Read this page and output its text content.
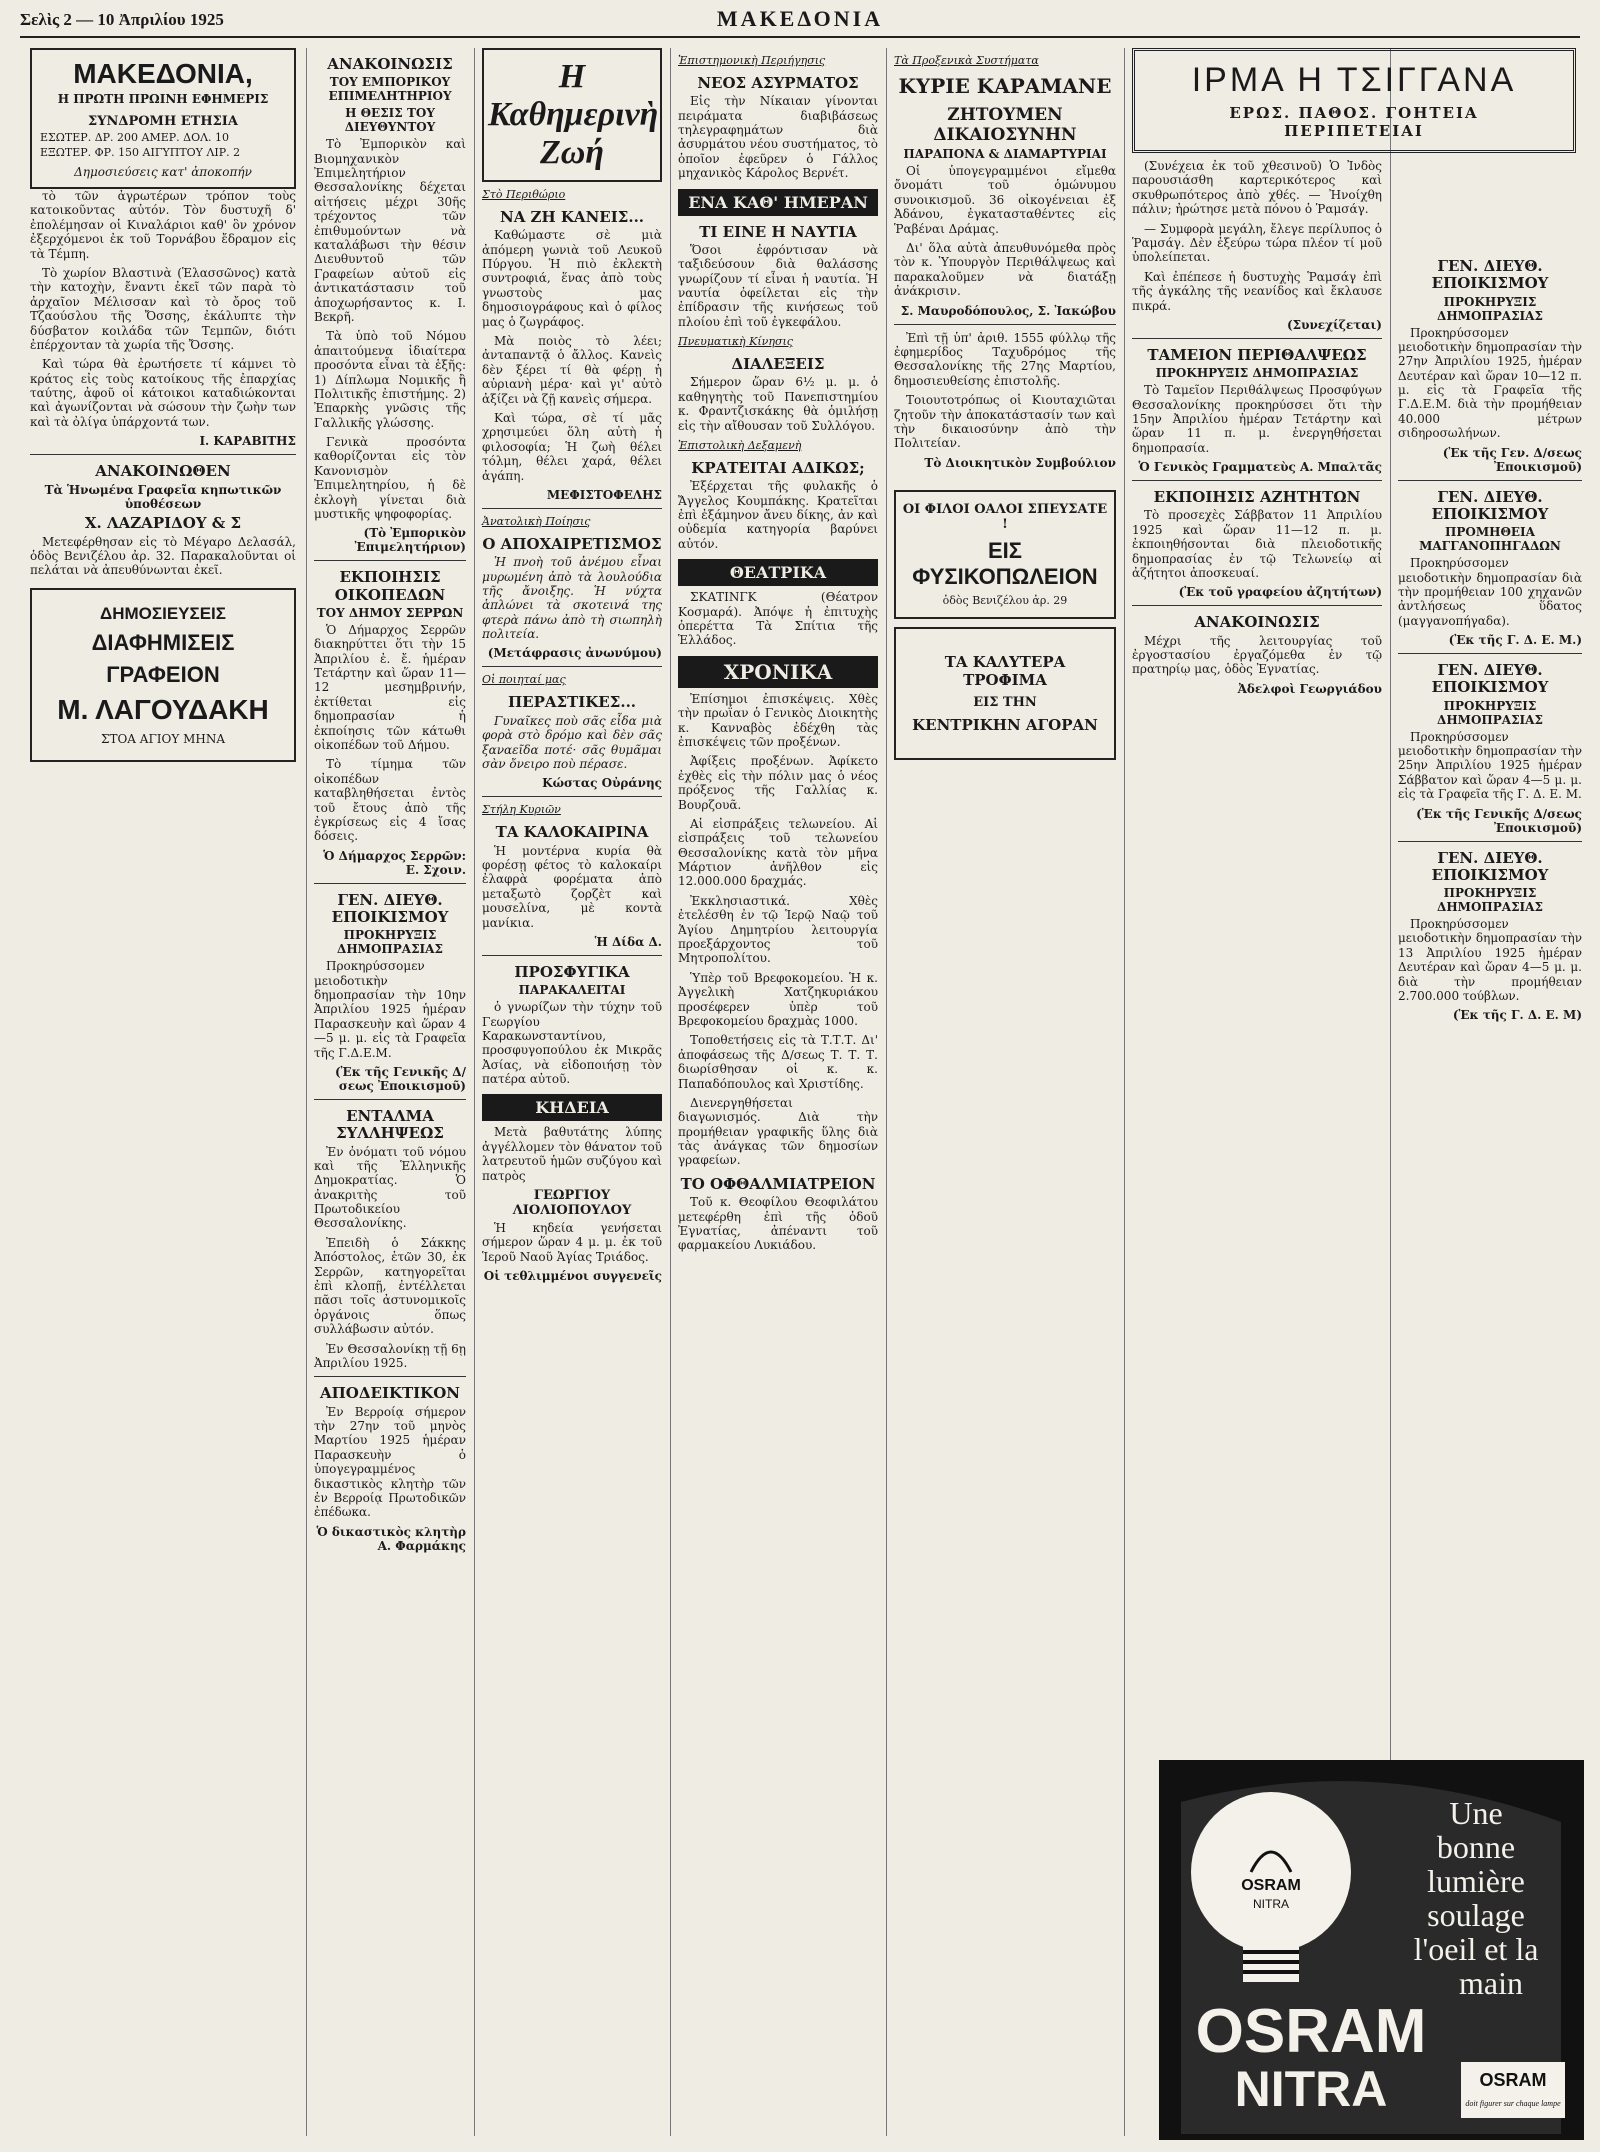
Σελὶς 2 — 10 Ἀπριλίου 1925	ΜΑΚΕΔΟΝΙΑ
ΜΑΚΕΔΟΝΙΑ,
Η ΠΡΩΤΗ ΠΡΩΙΝΗ ΕΦΗΜΕΡΙΣ
ΣΥΝΔΡΟΜΗ ΕΤΗΣΙΑ
ΕΣΩΤΕΡ. ΔΡ. 200 ΑΜΕΡ. ΔΟΛ. 10
ΕΞΩΤΕΡ. ΦΡ. 150 ΑΙΓΥΠΤΟΥ ΛΙΡ. 2
Δημοσιεύσεις κατ' ἀποκοπήν

τὸ τῶν ἀγρωτέρων τρόπον τοὺς κατοικοῦντας αὐτόν. Τὸν δυστυχῆ δ' ἐπολέμησαν οἱ Κιναλάριοι καθ' ὃν χρόνον ἐξερχόμενοι ἐκ τοῦ Τορνάβου ἔδραμον εἰς τὰ Τέμπη.

Τὸ χωρίον Βλαστινὰ (Ἑλασσῶνος) κατὰ τὴν κατοχὴν, ἔναντι ἐκεῖ τῶν παρὰ τὸ ἀρχαῖον Μέλισσαν καὶ τὸ ὄρος τοῦ Τζαούσλου τῆς Ὄσσης, ἐκάλυπτε τὴν δύσβατον κοιλάδα τῶν Τεμπῶν, διότι ἐπέρχονταν τὰ χωρία τῆς Ὄσσης.

Καὶ τώρα θὰ ἐρωτήσετε τί κάμνει τὸ κράτος εἰς τοὺς κατοίκους τῆς ἐπαρχίας ταύτης, ἀφοῦ οἱ κάτοικοι καταδιώκονται καὶ ἀγωνίζονται νὰ σώσουν τὴν ζωὴν των καὶ τὰ ὀλίγα ὑπάρχοντά των.

Ι. ΚΑΡΑΒΙΤΗΣ
ΑΝΑΚΟΙΝΩΘΕΝ
Τὰ Ἡνωμένα Γραφεῖα κηπωτικῶν ὑποθέσεων
Χ. ΛΑΖΑΡΙΔΟΥ & Σ

Μετεφέρθησαν εἰς τὸ Μέγαρο Δελασάλ, ὁδὸς Βενιζέλου ἀρ. 32. Παρακαλοῦνται οἱ πελάται νὰ ἀπευθύνωνται ἐκεῖ.

ΔΗΜΟΣΙΕΥΣΕΙΣ
ΔΙΑΦΗΜΙΣΕΙΣ
ΓΡΑΦΕΙΟΝ
Μ. ΛΑΓΟΥΔΑΚΗ
ΣΤΟΑ ΑΓΙΟΥ ΜΗΝΑ
ΑΝΑΚΟΙΝΩΣΙΣ
ΤΟΥ ΕΜΠΟΡΙΚΟΥ ΕΠΙΜΕΛΗΤΗΡΙΟΥ
Η ΘΕΣΙΣ ΤΟΥ ΔΙΕΥΘΥΝΤΟΥ

Τὸ Ἐμπορικὸν καὶ Βιομηχανικὸν Ἐπιμελητήριον Θεσσαλονίκης δέχεται αἰτήσεις μέχρι 30ῆς τρέχοντος τῶν ἐπιθυμούντων νὰ καταλάβωσι τὴν θέσιν Διευθυντοῦ τῶν Γραφείων αὐτοῦ εἰς ἀντικατάστασιν τοῦ ἀποχωρήσαντος κ. Ι. Βεκρῆ.

Τὰ ὑπὸ τοῦ Νόμου ἀπαιτούμενα ἰδιαίτερα προσόντα εἶναι τὰ ἑξῆς: 1) Δίπλωμα Νομικῆς ἢ Πολιτικῆς ἐπιστήμης. 2) Ἐπαρκὴς γνῶσις τῆς Γαλλικῆς γλώσσης.

Γενικὰ προσόντα καθορίζονται εἰς τὸν Κανονισμὸν Ἐπιμελητηρίου, ἡ δὲ ἐκλογὴ γίνεται διὰ μυστικῆς ψηφοφορίας.

(Τὸ Ἐμπορικὸν Ἐπιμελητήριον)
ΕΚΠΟΙΗΣΙΣ ΟΙΚΟΠΕΔΩΝ
ΤΟΥ ΔΗΜΟΥ ΣΕΡΡΩΝ

Ὁ Δήμαρχος Σερρῶν διακηρύττει ὅτι τὴν 15 Ἀπριλίου ἐ. ἔ. ἡμέραν Τετάρτην καὶ ὥραν 11—12 μεσημβρινήν, ἐκτίθεται εἰς δημοπρασίαν ἡ ἐκποίησις τῶν κάτωθι οἰκοπέδων τοῦ Δήμου.

Τὸ τίμημα τῶν οἰκοπέδων καταβληθήσεται ἐντὸς τοῦ ἔτους ἀπὸ τῆς ἐγκρίσεως εἰς 4 ἴσας δόσεις.

Ὁ Δήμαρχος Σερρῶν: Ε. Σχοιν.
ΓΕΝ. ΔΙΕΥΘ. ΕΠΟΙΚΙΣΜΟΥ
ΠΡΟΚΗΡΥΞΙΣ ΔΗΜΟΠΡΑΣΙΑΣ

Προκηρύσσομεν μειοδοτικὴν δημοπρασίαν τὴν 10ην Ἀπριλίου 1925 ἡμέραν Παρασκευὴν καὶ ὥραν 4—5 μ. μ. εἰς τὰ Γραφεῖα τῆς Γ.Δ.Ε.Μ.

(Ἐκ τῆς Γενικῆς Δ/σεως Ἐποικισμοῦ)
ΕΝΤΑΛΜΑ ΣΥΛΛΗΨΕΩΣ

Ἐν ὀνόματι τοῦ νόμου καὶ τῆς Ἑλληνικῆς Δημοκρατίας. Ὁ ἀνακριτὴς τοῦ Πρωτοδικείου Θεσσαλονίκης.

Ἐπειδὴ ὁ Σάκκης Ἀπόστολος, ἐτῶν 30, ἐκ Σερρῶν, κατηγορεῖται ἐπὶ κλοπῇ, ἐντέλλεται πᾶσι τοῖς ἀστυνομικοῖς ὀργάνοις ὅπως συλλάβωσιν αὐτόν.

Ἐν Θεσσαλονίκῃ τῇ 6ῃ Ἀπριλίου 1925.

ΑΠΟΔΕΙΚΤΙΚΟΝ

Ἐν Βερροίᾳ σήμερον τὴν 27ην τοῦ μηνὸς Μαρτίου 1925 ἡμέραν Παρασκευὴν ὁ ὑπογεγραμμένος δικαστικὸς κλητὴρ τῶν ἐν Βερροίᾳ Πρωτοδικῶν ἐπέδωκα.

Ὁ δικαστικὸς κλητὴρ Α. Φαρμάκης
Η Καθημερινὴ Ζωή
Στὸ Περιθώριο
ΝΑ ΖΗ ΚΑΝΕΙΣ...

Καθώμαστε σὲ μιὰ ἀπόμερη γωνιὰ τοῦ Λευκοῦ Πύργου. Ἡ πιὸ ἐκλεκτὴ συντροφιά, ἕνας ἀπὸ τοὺς γνωστοὺς μας δημοσιογράφους καὶ ὁ φίλος μας ὁ ζωγράφος.

Μὰ ποιὸς τὸ λέει; ἀνταπαντᾷ ὁ ἄλλος. Κανεὶς δὲν ξέρει τί θὰ φέρῃ ἡ αὐριανὴ μέρα· καὶ γι' αὐτὸ ἀξίζει νὰ ζῇ κανεὶς σήμερα.

Καὶ τώρα, σὲ τί μᾶς χρησιμεύει ὅλη αὐτὴ ἡ φιλοσοφία; Ἡ ζωὴ θέλει τόλμη, θέλει χαρά, θέλει ἀγάπη.

ΜΕΦΙΣΤΟΦΕΛΗΣ
Ἀνατολικὴ Ποίησις
Ο ΑΠΟΧΑΙΡΕΤΙΣΜΟΣ

Ἡ πνοὴ τοῦ ἀνέμου εἶναι μυρωμένη ἀπὸ τὰ λουλούδια τῆς ἄνοιξης. Ἡ νύχτα ἁπλώνει τὰ σκοτεινά της φτερὰ πάνω ἀπὸ τὴ σιωπηλὴ πολιτεία.

(Μετάφρασις ἀνωνύμου)
Οἱ ποιηταί μας
ΠΕΡΑΣΤΙΚΕΣ...

Γυναῖκες ποὺ σᾶς εἶδα μιὰ φορὰ στὸ δρόμο καὶ δὲν σᾶς ξαναεῖδα ποτέ· σᾶς θυμᾶμαι σὰν ὄνειρο ποὺ πέρασε.

Κώστας Οὐράνης
Στήλη Κυριῶν
ΤΑ ΚΑΛΟΚΑΙΡΙΝΑ

Ἡ μοντέρνα κυρία θὰ φορέσῃ φέτος τὸ καλοκαίρι ἐλαφρὰ φορέματα ἀπὸ μεταξωτὸ ζορζὲτ καὶ μουσελίνα, μὲ κοντὰ μανίκια.

Ἡ Δίδα Δ.
ΠΡΟΣΦΥΓΙΚΑ
ΠΑΡΑΚΑΛΕΙΤΑΙ

ὁ γνωρίζων τὴν τύχην τοῦ Γεωργίου Καρακωνσταντίνου, προσφυγοπούλου ἐκ Μικρᾶς Ἀσίας, νὰ εἰδοποιήσῃ τὸν πατέρα αὐτοῦ.

ΚΗΔΕΙΑ

Μετὰ βαθυτάτης λύπης ἀγγέλλομεν τὸν θάνατον τοῦ λατρευτοῦ ἡμῶν συζύγου καὶ πατρὸς

ΓΕΩΡΓΙΟΥ ΛΙΟΛΙΟΠΟΥΛΟΥ

Ἡ κηδεία γενήσεται σήμερον ὥραν 4 μ. μ. ἐκ τοῦ Ἱεροῦ Ναοῦ Ἁγίας Τριάδος.

Οἱ τεθλιμμένοι συγγενεῖς
Ἐπιστημονικὴ Περιήγησις
ΝΕΟΣ ΑΣΥΡΜΑΤΟΣ

Εἰς τὴν Νίκαιαν γίνονται πειράματα διαβιβάσεως τηλεγραφημάτων διὰ ἀσυρμάτου νέου συστήματος, τὸ ὁποῖον ἐφεῦρεν ὁ Γάλλος μηχανικὸς Κάρολος Βερνέτ.

ΕΝΑ ΚΑΘ' ΗΜΕΡΑΝ
ΤΙ ΕΙΝΕ Η ΝΑΥΤΙΑ

Ὅσοι ἐφρόντισαν νὰ ταξιδεύσουν διὰ θαλάσσης γνωρίζουν τί εἶναι ἡ ναυτία. Ἡ ναυτία ὀφείλεται εἰς τὴν ἐπίδρασιν τῆς κινήσεως τοῦ πλοίου ἐπὶ τοῦ ἐγκεφάλου.

Πνευματικὴ Κίνησις
ΔΙΑΛΕΞΕΙΣ

Σήμερον ὥραν 6½ μ. μ. ὁ καθηγητὴς τοῦ Πανεπιστημίου κ. Φραντζισκάκης θὰ ὁμιλήσῃ εἰς τὴν αἴθουσαν τοῦ Συλλόγου.

Ἐπιστολικὴ Δεξαμενὴ
ΚΡΑΤΕΙΤΑΙ ΑΔΙΚΩΣ;

Ἐξέρχεται τῆς φυλακῆς ὁ Ἄγγελος Κουμπάκης. Κρατεῖται ἐπὶ ἐξάμηνον ἄνευ δίκης, ἀν καὶ οὐδεμία κατηγορία βαρύνει αὐτόν.

ΘΕΑΤΡΙΚΑ

ΣΚΑΤΙΝΓΚ (Θέατρον Κοσμαρά). Ἀπόψε ἡ ἐπιτυχὴς ὀπερέττα Τὰ Σπίτια τῆς Ἑλλάδος.

ΧΡΟΝΙΚΑ

Ἐπίσημοι ἐπισκέψεις. Χθὲς τὴν πρωΐαν ὁ Γενικὸς Διοικητὴς κ. Κανναβὸς ἐδέχθη τὰς ἐπισκέψεις τῶν προξένων.

Ἀφίξεις προξένων. Ἀφίκετο ἐχθὲς εἰς τὴν πόλιν μας ὁ νέος πρόξενος τῆς Γαλλίας κ. Βουρζουᾶ.

Αἱ εἰσπράξεις τελωνείου. Αἱ εἰσπράξεις τοῦ τελωνείου Θεσσαλονίκης κατὰ τὸν μῆνα Μάρτιον ἀνῆλθον εἰς 12.000.000 δραχμάς.

Ἐκκλησιαστικά. Χθὲς ἐτελέσθη ἐν τῷ Ἱερῷ Ναῷ τοῦ Ἁγίου Δημητρίου λειτουργία προεξάρχοντος τοῦ Μητροπολίτου.

Ὑπὲρ τοῦ Βρεφοκομείου. Ἡ κ. Ἀγγελικὴ Χατζηκυριάκου προσέφερεν ὑπὲρ τοῦ Βρεφοκομείου δραχμὰς 1000.

Τοποθετήσεις εἰς τὰ Τ.Τ.Τ. Δι' ἀποφάσεως τῆς Δ/σεως Τ. Τ. Τ. διωρίσθησαν οἱ κ. κ. Παπαδόπουλος καὶ Χριστίδης.

Διενεργηθήσεται διαγωνισμός. Διὰ τὴν προμήθειαν γραφικῆς ὕλης διὰ τὰς ἀνάγκας τῶν δημοσίων γραφείων.

ΤΟ ΟΦΘΑΛΜΙΑΤΡΕΙΟΝ

Τοῦ κ. Θεοφίλου Θεοφιλάτου μετεφέρθη ἐπὶ τῆς ὁδοῦ Ἐγνατίας, ἀπέναντι τοῦ φαρμακείου Λυκιάδου.

Τὰ Προξενικὰ Συστήματα
ΚΥΡΙΕ ΚΑΡΑΜΑΝΕ
ΖΗΤΟΥΜΕΝ ΔΙΚΑΙΟΣΥΝΗΝ
ΠΑΡΑΠΟΝΑ & ΔΙΑΜΑΡΤΥΡΙΑΙ

Οἱ ὑπογεγραμμένοι εἴμεθα ὄνομάτι τοῦ ὁμώνυμου συνοικισμοῦ. 36 οἰκογένειαι ἐξ Ἀδάνου, ἐγκατασταθέντες εἰς Ῥαβέναι Δράμας.

Δι' ὅλα αὐτὰ ἀπευθυνόμεθα πρὸς τὸν κ. Ὑπουργὸν Περιθάλψεως καὶ παρακαλοῦμεν νὰ διατάξῃ ἀνάκρισιν.

Σ. Μαυροδόπουλος, Σ. Ἰακώβου

Ἐπὶ τῇ ὑπ' ἀριθ. 1555 φύλλῳ τῆς ἐφημερίδος Ταχυδρόμος τῆς Θεσσαλονίκης τῆς 27ης Μαρτίου, δημοσιευθείσης ἐπιστολῆς.

Τοιουτοτρόπως οἱ Κιουταχιῶται ζητοῦν τὴν ἀποκατάστασίν των καὶ τὴν δικαιοσύνην ἀπὸ τὴν Πολιτείαν.

Τὸ Διοικητικὸν Συμβούλιον
ΟΙ ΦΙΛΟΙ ΟΑΛΟΙ ΣΠΕΥΣΑΤΕ !
ΕΙΣ ΦΥΣΙΚΟΠΩΛΕΙΟΝ
ὁδὸς Βενιζέλου ἀρ. 29
ΤΑ ΚΑΛΥΤΕΡΑ ΤΡΟΦΙΜΑ
ΕΙΣ ΤΗΝ
ΚΕΝΤΡΙΚΗΝ ΑΓΟΡΑΝ
ΙΡΜΑ Η ΤΣΙΓΓΑΝΑ
ΕΡΩΣ. ΠΑΘΟΣ. ΓΟΗΤΕΙΑ
ΠΕΡΙΠΕΤΕΙΑΙ

(Συνέχεια ἐκ τοῦ χθεσινοῦ) Ὁ Ἰνδὸς παρουσιάσθη καρτερικότερος καὶ σκυθρωπότερος ἀπὸ χθές. — Ἠνοίχθη πάλιν; ἠρώτησε μετὰ πόνου ὁ Ῥαμσάγ.

— Συμφορὰ μεγάλη, ἔλεγε περίλυπος ὁ Ῥαμσάγ. Δὲν ἐξεύρω τώρα πλέον τί μοῦ ὑπολείπεται.

Καὶ ἐπέπεσε ἡ δυστυχὴς Ῥαμσάγ ἐπὶ τῆς ἀγκάλης τῆς νεανίδος καὶ ἔκλαυσε πικρά.

(Συνεχίζεται)
ΤΑΜΕΙΟΝ ΠΕΡΙΘΑΛΨΕΩΣ
ΠΡΟΚΗΡΥΞΙΣ ΔΗΜΟΠΡΑΣΙΑΣ

Τὸ Ταμεῖον Περιθάλψεως Προσφύγων Θεσσαλονίκης προκηρύσσει ὅτι τὴν 15ην Ἀπριλίου ἡμέραν Τετάρτην καὶ ὥραν 11 π. μ. ἐνεργηθήσεται δημοπρασία.

Ὁ Γενικὸς Γραμματεὺς Α. Μπαλτᾶς
ΕΚΠΟΙΗΣΙΣ ΑΖΗΤΗΤΩΝ

Τὸ προσεχὲς Σάββατον 11 Ἀπριλίου 1925 καὶ ὥραν 11—12 π. μ. ἐκποιηθήσονται διὰ πλειοδοτικῆς δημοπρασίας ἐν τῷ Τελωνείῳ αἱ ἀζήτητοι ἀποσκευαί.

(Ἐκ τοῦ γραφείου ἀζητήτων)
ΑΝΑΚΟΙΝΩΣΙΣ

Μέχρι τῆς λειτουργίας τοῦ ἐργοστασίου ἐργαζόμεθα ἐν τῷ πρατηρίῳ μας, ὁδὸς Ἐγνατίας.

Ἀδελφοὶ Γεωργιάδου
ΓΕΝ. ΔΙΕΥΘ. ΕΠΟΙΚΙΣΜΟΥ
ΠΡΟΚΗΡΥΞΙΣ ΔΗΜΟΠΡΑΣΙΑΣ

Προκηρύσσομεν μειοδοτικὴν δημοπρασίαν τὴν 27ην Ἀπριλίου 1925, ἡμέραν Δευτέραν καὶ ὥραν 10—12 π. μ. εἰς τὰ Γραφεῖα τῆς Γ.Δ.Ε.Μ. διὰ τὴν προμήθειαν 40.000 μέτρων σιδηροσωλήνων.

(Ἐκ τῆς Γεν. Δ/σεως Ἐποικισμοῦ)
ΓΕΝ. ΔΙΕΥΘ. ΕΠΟΙΚΙΣΜΟΥ
ΠΡΟΜΗΘΕΙΑ ΜΑΓΓΑΝΟΠΗΓΑΔΩΝ

Προκηρύσσομεν μειοδοτικὴν δημοπρασίαν διὰ τὴν προμήθειαν 100 χηχανῶν ἀντλήσεως ὕδατος (μαγγανοπήγαδα).

(Ἐκ τῆς Γ. Δ. Ε. Μ.)
ΓΕΝ. ΔΙΕΥΘ. ΕΠΟΙΚΙΣΜΟΥ
ΠΡΟΚΗΡΥΞΙΣ ΔΗΜΟΠΡΑΣΙΑΣ

Προκηρύσσομεν μειοδοτικὴν δημοπρασίαν τὴν 25ην Ἀπριλίου 1925 ἡμέραν Σάββατον καὶ ὥραν 4—5 μ. μ. εἰς τὰ Γραφεῖα τῆς Γ. Δ. Ε. Μ.

(Ἐκ τῆς Γενικῆς Δ/σεως Ἐποικισμοῦ)
ΓΕΝ. ΔΙΕΥΘ. ΕΠΟΙΚΙΣΜΟΥ
ΠΡΟΚΗΡΥΞΙΣ ΔΗΜΟΠΡΑΣΙΑΣ

Προκηρύσσομεν μειοδοτικὴν δημοπρασίαν τὴν 13 Ἀπριλίου 1925 ἡμέραν Δευτέραν καὶ ὥραν 4—5 μ. μ. διὰ τὴν προμήθειαν 2.700.000 τούβλων.

(Ἐκ τῆς Γ. Δ. Ε. Μ)
OSRAM
NITRA
Une
bonne
lumière
soulage
l'oeil et la
main
OSRAM
NITRA	OSRAM
doit figurer sur chaque lampe
